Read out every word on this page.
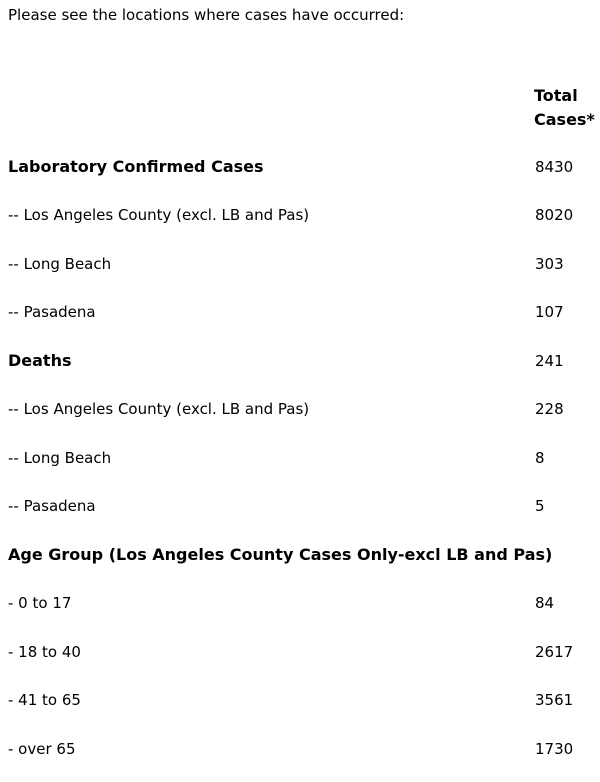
Please see the locations where cases have occurred:
Total
Cases*
Laboratory Confirmed Cases	8430
-- Los Angeles County (excl. LB and Pas)	8020
-- Long Beach	303
-- Pasadena	107
Deaths	241
-- Los Angeles County (excl. LB and Pas)	228
-- Long Beach	8
-- Pasadena	5
Age Group (Los Angeles County Cases Only-excl LB and Pas)
- 0 to 17	84
- 18 to 40	2617
- 41 to 65	3561
- over 65	1730
